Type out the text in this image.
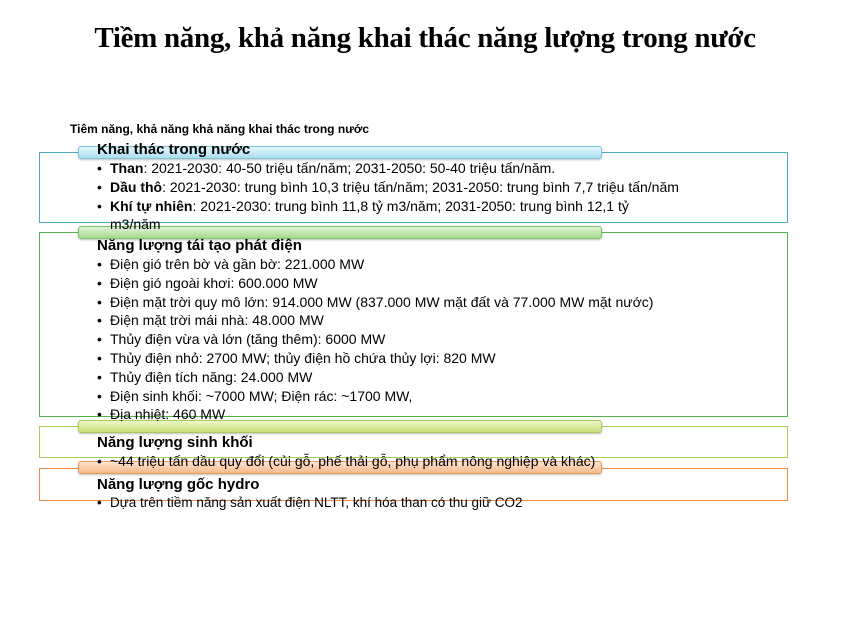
Tiềm năng, khả năng khai thác năng lượng trong nước
Tiêm năng, khả năng khả năng khai thác trong nước
Khai thác trong nước
• Than: 2021-2030: 40-50 triệu tấn/năm; 2031-2050: 50-40 triệu tấn/năm.
• Dầu thô: 2021-2030: trung bình 10,3 triệu tấn/năm; 2031-2050: trung bình 7,7 triệu tấn/năm
• Khí tự nhiên: 2021-2030: trung bình 11,8 tỷ m3/năm; 2031-2050: trung bình 12,1 tỷ m3/năm
Năng lượng tái tạo phát điện
• Điện gió trên bờ và gần bờ: 221.000 MW
• Điện gió ngoài khơi: 600.000 MW
• Điện mặt trời quy mô lớn: 914.000 MW (837.000 MW mặt đất và 77.000 MW mặt nước)
• Điện mặt trời mái nhà: 48.000 MW
• Thủy điện vừa và lớn (tăng thêm): 6000 MW
• Thủy điện nhỏ: 2700 MW; thủy điện hồ chứa thủy lợi: 820 MW
• Thủy điện tích năng: 24.000 MW
• Điện sinh khối: ~7000 MW; Điện rác: ~1700 MW,
• Địa nhiệt: 460 MW
Năng lượng sinh khối
• ~44 triệu tấn dầu quy đổi (củi gỗ, phế thải gỗ, phụ phẩm nông nghiệp và khác)
Năng lượng gốc hydro
• Dựa trên tiềm năng sản xuất điện NLTT, khí hóa than có thu giữ CO2
